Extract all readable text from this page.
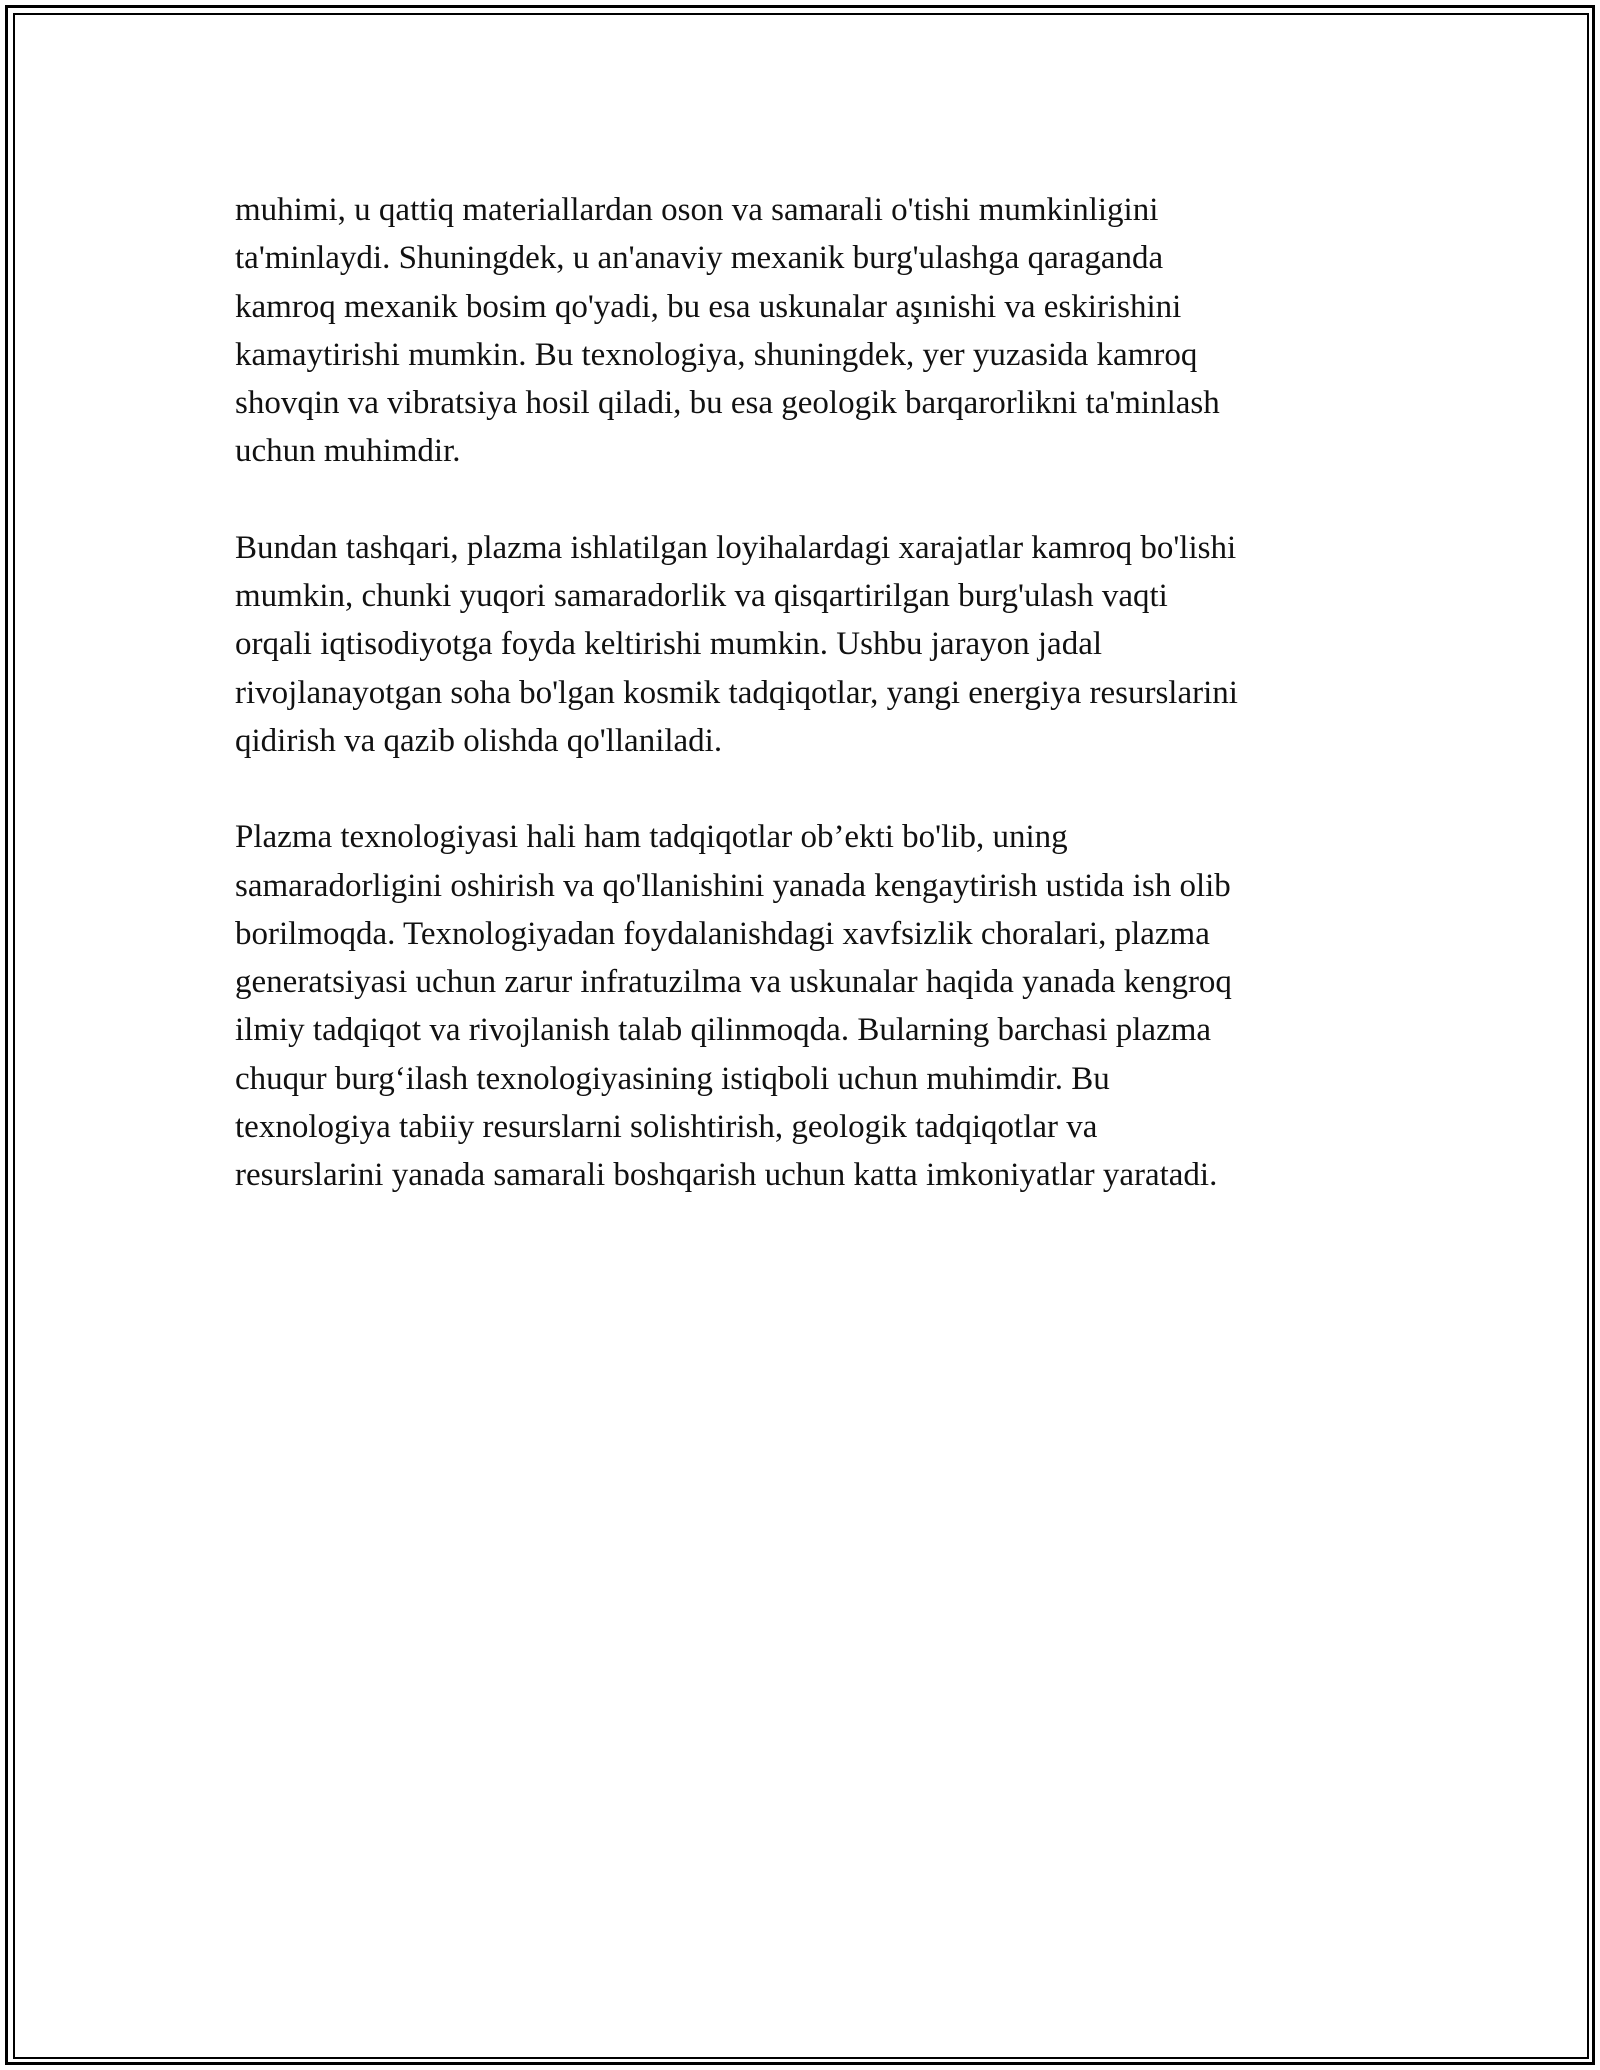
muhimi, u qattiq materiallardan oson va samarali o'tishi mumkinligini
ta'minlaydi. Shuningdek, u an'anaviy mexanik burg'ulashga qaraganda
kamroq mexanik bosim qo'yadi, bu esa uskunalar aşınishi va eskirishini
kamaytirishi mumkin. Bu texnologiya, shuningdek, yer yuzasida kamroq
shovqin va vibratsiya hosil qiladi, bu esa geologik barqarorlikni ta'minlash
uchun muhimdir.

Bundan tashqari, plazma ishlatilgan loyihalardagi xarajatlar kamroq bo'lishi
mumkin, chunki yuqori samaradorlik va qisqartirilgan burg'ulash vaqti
orqali iqtisodiyotga foyda keltirishi mumkin. Ushbu jarayon jadal
rivojlanayotgan soha bo'lgan kosmik tadqiqotlar, yangi energiya resurslarini
qidirish va qazib olishda qo'llaniladi.

Plazma texnologiyasi hali ham tadqiqotlar ob’ekti bo'lib, uning
samaradorligini oshirish va qo'llanishini yanada kengaytirish ustida ish olib
borilmoqda. Texnologiyadan foydalanishdagi xavfsizlik choralari, plazma
generatsiyasi uchun zarur infratuzilma va uskunalar haqida yanada kengroq
ilmiy tadqiqot va rivojlanish talab qilinmoqda. Bularning barchasi plazma
chuqur burg‘ilash texnologiyasining istiqboli uchun muhimdir. Bu
texnologiya tabiiy resurslarni solishtirish, geologik tadqiqotlar va
resurslarini yanada samarali boshqarish uchun katta imkoniyatlar yaratadi.
